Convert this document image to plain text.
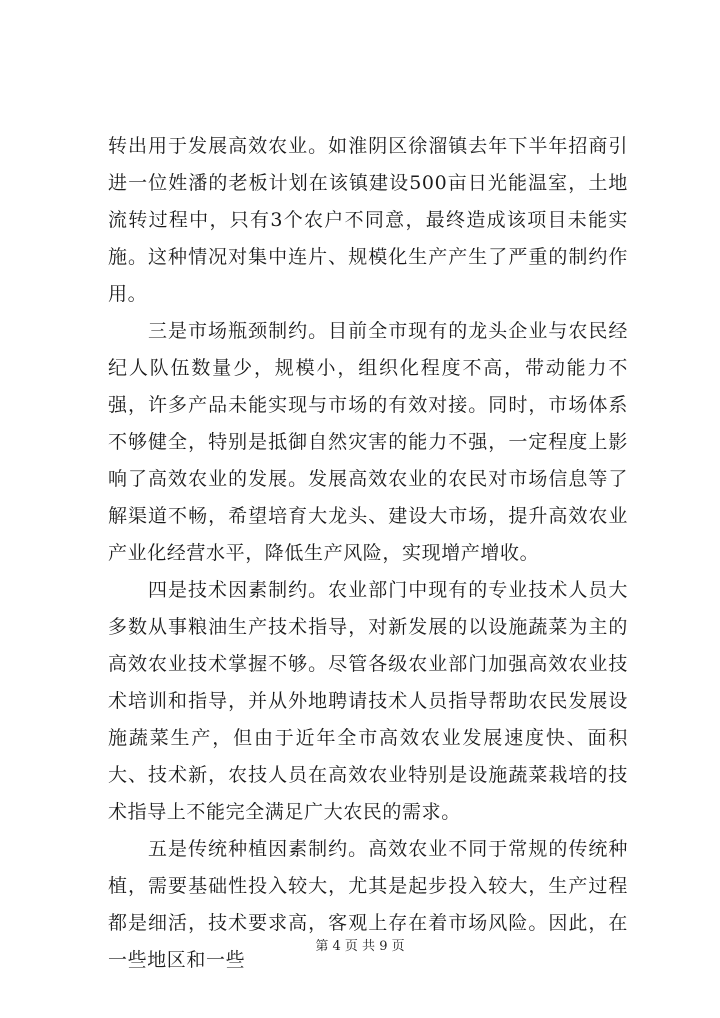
转出用于发展高效农业。如淮阴区徐溜镇去年下半年招商引进一位姓潘的老板计划在该镇建设500亩日光能温室，土地流转过程中，只有3个农户不同意，最终造成该项目未能实施。这种情况对集中连片、规模化生产产生了严重的制约作用。

三是市场瓶颈制约。目前全市现有的龙头企业与农民经纪人队伍数量少，规模小，组织化程度不高，带动能力不强，许多产品未能实现与市场的有效对接。同时，市场体系不够健全，特别是抵御自然灾害的能力不强，一定程度上影响了高效农业的发展。发展高效农业的农民对市场信息等了解渠道不畅，希望培育大龙头、建设大市场，提升高效农业产业化经营水平，降低生产风险，实现增产增收。

四是技术因素制约。农业部门中现有的专业技术人员大多数从事粮油生产技术指导，对新发展的以设施蔬菜为主的高效农业技术掌握不够。尽管各级农业部门加强高效农业技术培训和指导，并从外地聘请技术人员指导帮助农民发展设施蔬菜生产，但由于近年全市高效农业发展速度快、面积大、技术新，农技人员在高效农业特别是设施蔬菜栽培的技术指导上不能完全满足广大农民的需求。

五是传统种植因素制约。高效农业不同于常规的传统种植，需要基础性投入较大，尤其是起步投入较大，生产过程都是细活，技术要求高，客观上存在着市场风险。因此，在一些地区和一些

第 4 页 共 9 页
